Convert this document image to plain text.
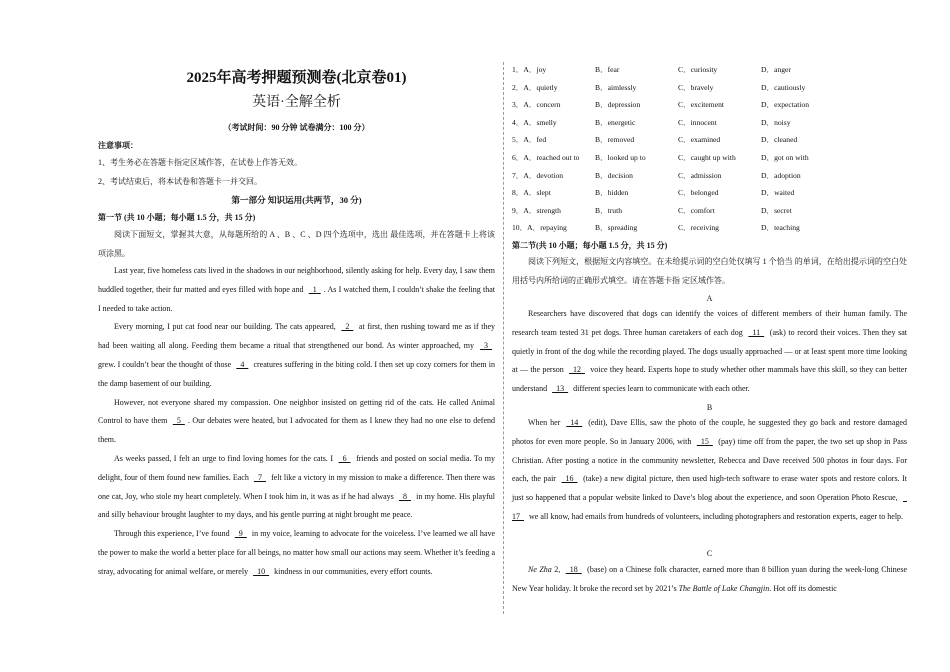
2025年高考押题预测卷(北京卷01)
英语·全解全析
（考试时间：90 分钟 试卷满分：100 分）
注意事项：
1、考生务必在答题卡指定区域作答，在试卷上作答无效。
2、考试结束后，将本试卷和答题卡一并交回。
第一部分 知识运用(共两节，30 分)
第一节 (共 10 小题；每小题 1.5 分，共 15 分)

阅读下面短文，掌握其大意，从每题所给的 A 、B 、C 、D 四个选项中，选出 最佳选项，并在答题卡上将该项涂黑。

Last year, five homeless cats lived in the shadows in our neighborhood, silently asking for help. Every day, I saw them huddled together, their fur matted and eyes filled with hope and  1 . As I watched them, I couldn’t shake the feeling that I needed to take action.

Every morning, I put cat food near our building. The cats appeared,  2  at first, then rushing toward me as if they had been waiting all along. Feeding them became a ritual that strengthened our bond. As winter approached, my  3  grew. I couldn’t bear the thought of those  4  creatures suffering in the biting cold. I then set up cozy corners for them in the damp basement of our building.

However, not everyone shared my compassion. One neighbor insisted on getting rid of the cats. He called Animal Control to have them  5 . Our debates were heated, but I advocated for them as I knew they had no one else to defend them.

As weeks passed, I felt an urge to find loving homes for the cats. I  6  friends and posted on social media. To my delight, four of them found new families. Each  7  felt like a victory in my mission to make a difference. Then there was one cat, Joy, who stole my heart completely. When I took him in, it was as if he had always  8  in my home. His playful and silly behaviour brought laughter to my days, and his gentle purring at night brought me peace.

Through this experience, I’ve found  9  in my voice, learning to advocate for the voiceless. I’ve learned we all have the power to make the world a better place for all beings, no matter how small our actions may seem. Whether it’s feeding a stray, advocating for animal welfare, or merely  10  kindness in our communities, every effort counts.

1．A．joy	B．fear	C．curiosity	D．anger
2．A．quietly	B．aimlessly	C．bravely	D．cautiously
3．A．concern	B．depression	C．excitement	D．expectation
4．A．smelly	B．energetic	C．innocent	D．noisy
5．A．fed	B．removed	C．examined	D．cleaned
6．A．reached out to B．looked up to	C．caught up with	D．got on with
7．A．devotion	B．decision	C．admission	D．adoption
8．A．slept	B．hidden	C．belonged	D．waited
9．A．strength	B．truth	C．comfort	D．secret
10．A．repaying	B．spreading	C．receiving	D．teaching
第二节(共 10 小题；每小题 1.5 分，共 15 分)

阅读下列短文，根据短文内容填空。在未给提示词的空白处仅填写 1 个恰当 的单词，在给出提示词的空白处用括号内所给词的正确形式填空。请在答题卡指 定区域作答。

A

Researchers have discovered that dogs can identify the voices of different members of their human family. The research team tested 31 pet dogs. Three human caretakers of each dog  11  (ask) to record their voices. Then they sat quietly in front of the dog while the recording played. The dogs usually approached — or at least spent more time looking at — the person  12  voice they heard. Experts hope to study whether other mammals have this skill, so they can better understand  13  different species learn to communicate with each other.

B

When her  14  (edit), Dave Ellis, saw the photo of the couple, he suggested they go back and restore damaged photos for even more people. So in January 2006, with  15  (pay) time off from the paper, the two set up shop in Pass Christian. After posting a notice in the community newsletter, Rebecca and Dave received 500 photos in four days. For each, the pair  16  (take) a new digital picture, then used high-tech software to erase water spots and restore colors. It just so happened that a popular website linked to Dave’s blog about the experience, and soon Operation Photo Rescue,  17  we all know, had emails from hundreds of volunteers, including photographers and restoration experts, eager to help.

C

Ne Zha 2,  18  (base) on a Chinese folk character, earned more than 8 billion yuan during the week-long Chinese New Year holiday. It broke the record set by 2021’s The Battle of Lake Changjin. Hot off its domestic
